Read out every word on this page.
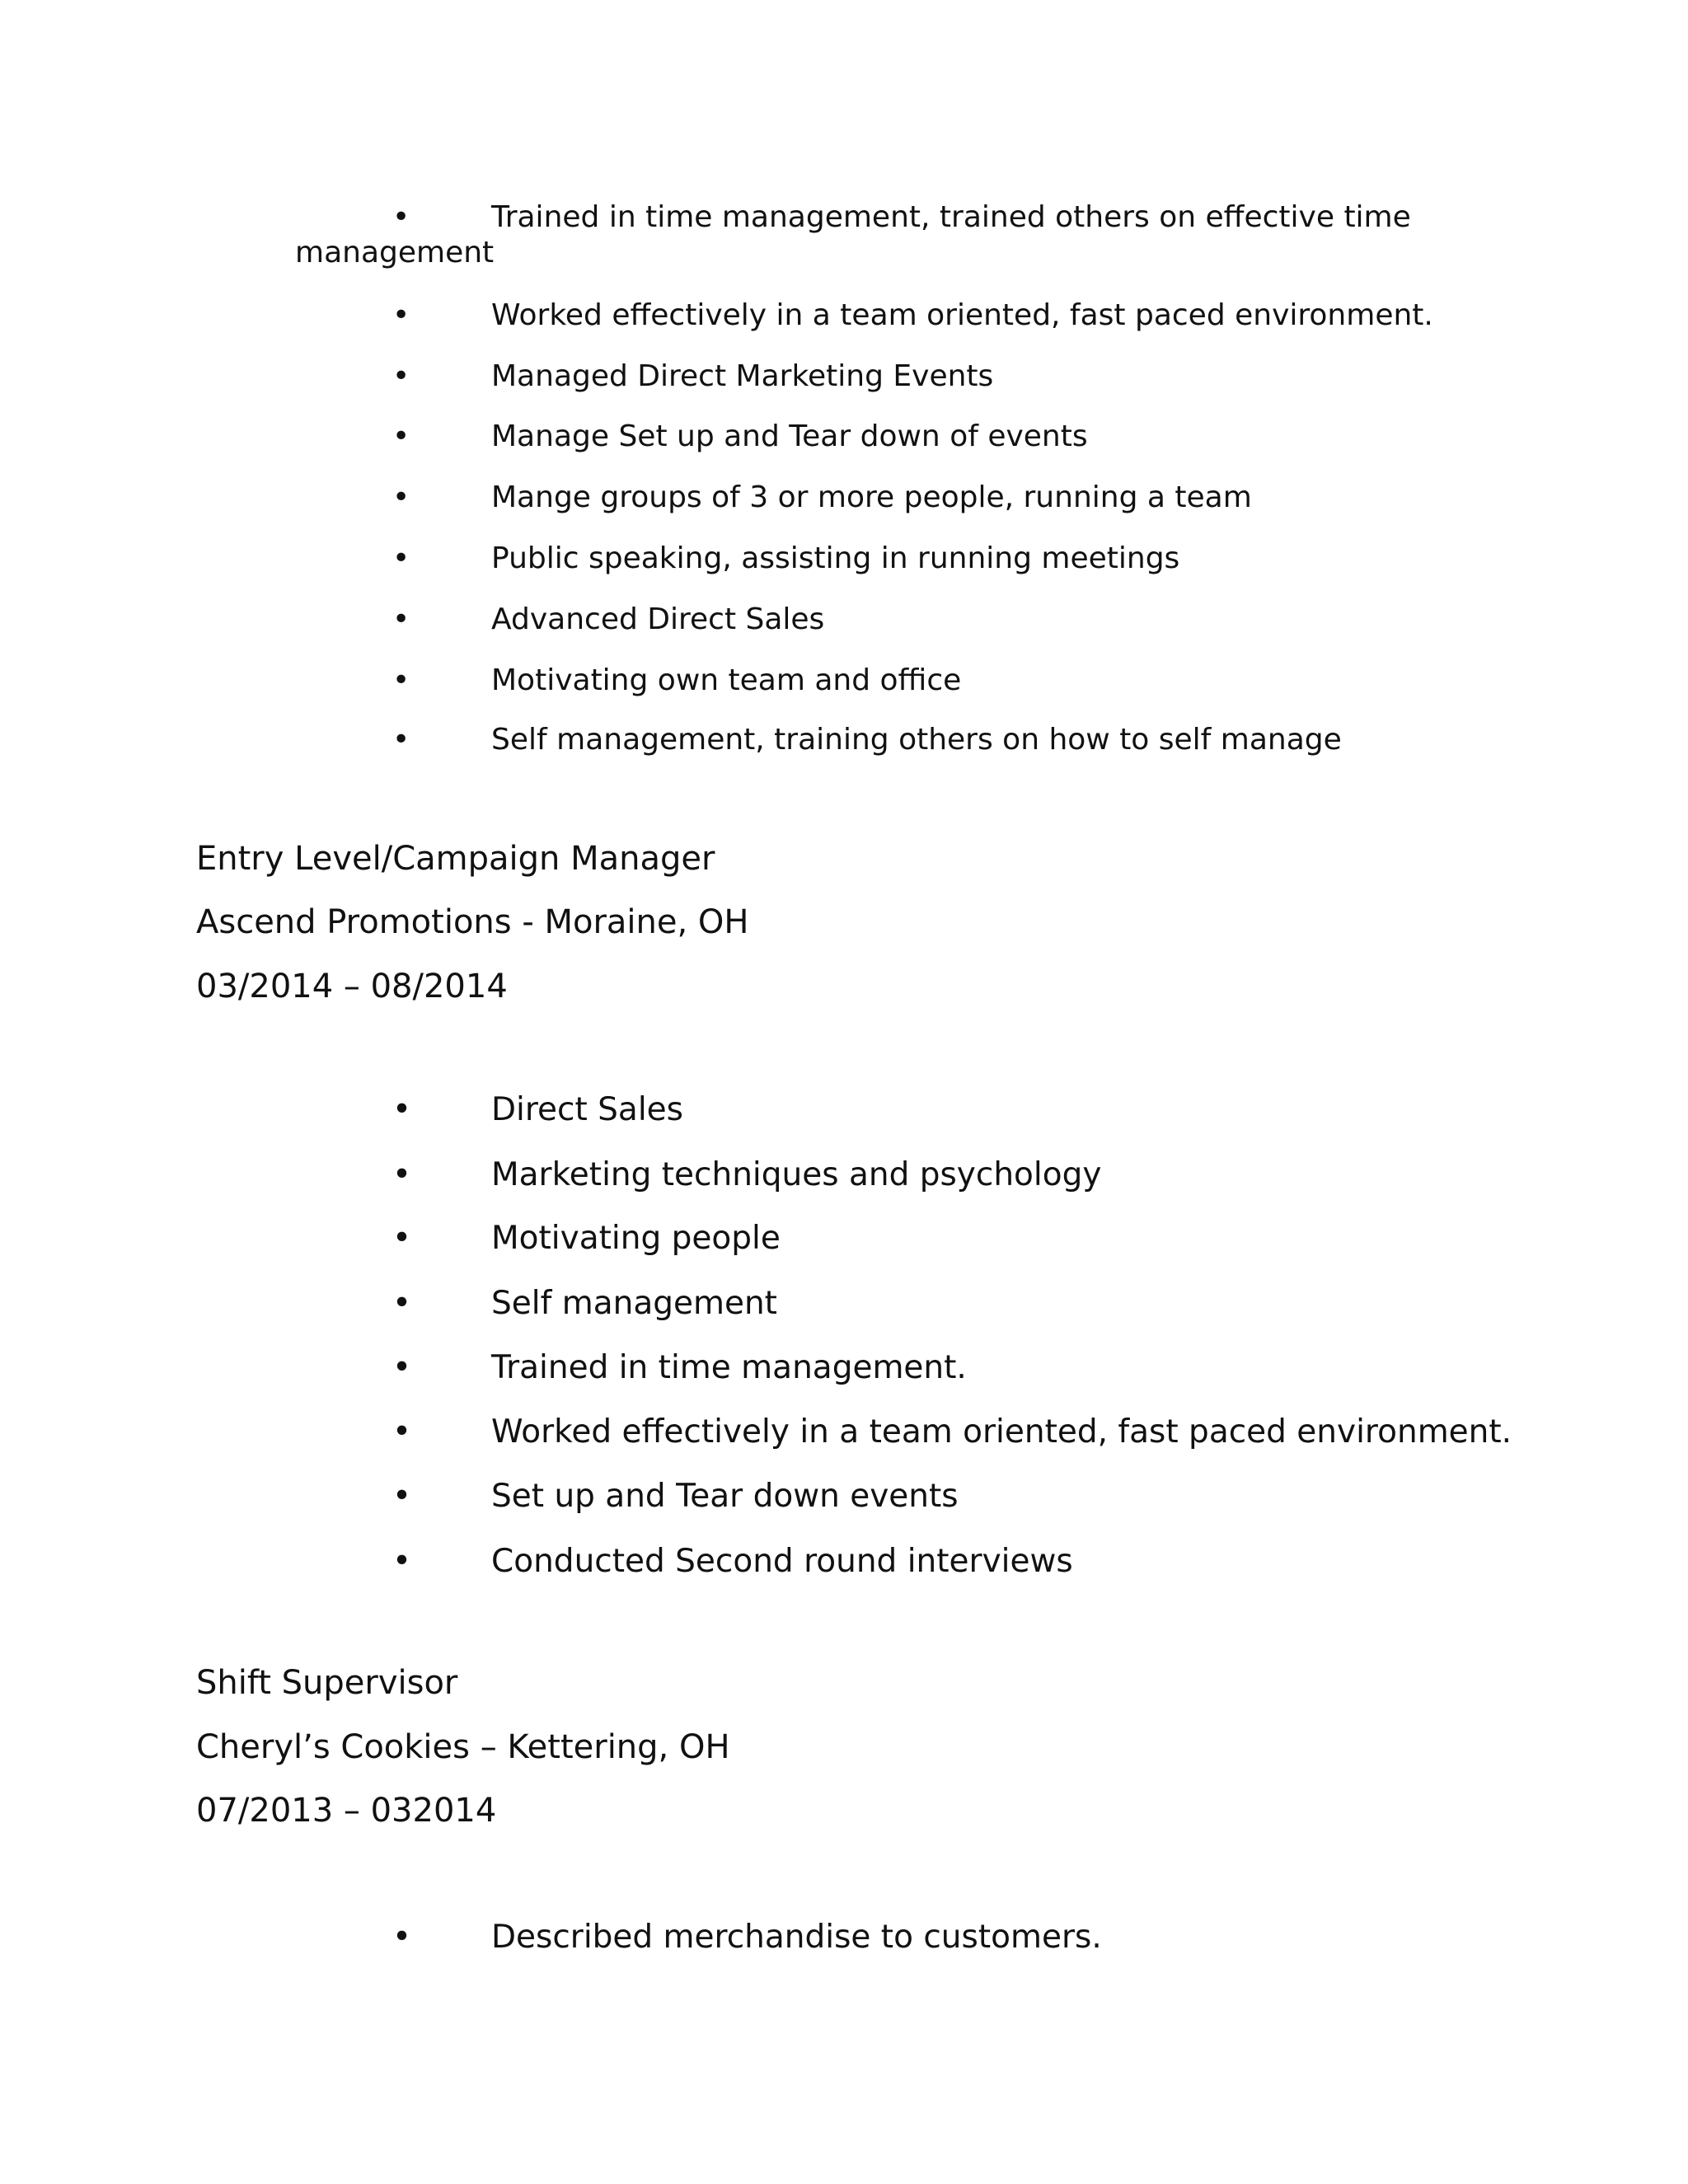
•	Trained in time management, trained others on effective time
management
•	Worked effectively in a team oriented, fast paced environment.
•	Managed Direct Marketing Events
•	Manage Set up and Tear down of events
•	Mange groups of 3 or more people, running a team
•	Public speaking, assisting in running meetings
•	Advanced Direct Sales
•	Motivating own team and office
•	Self management, training others on how to self manage
Entry Level/Campaign Manager
Ascend Promotions - Moraine, OH
03/2014 – 08/2014
• Direct Sales
• Marketing techniques and psychology
• Motivating people
• Self management
• Trained in time management.
• Worked effectively in a team oriented, fast paced environment.
• Set up and Tear down events
• Conducted Second round interviews
Shift Supervisor
Cheryl’s Cookies – Kettering, OH
07/2013 – 032014
• Described merchandise to customers.
